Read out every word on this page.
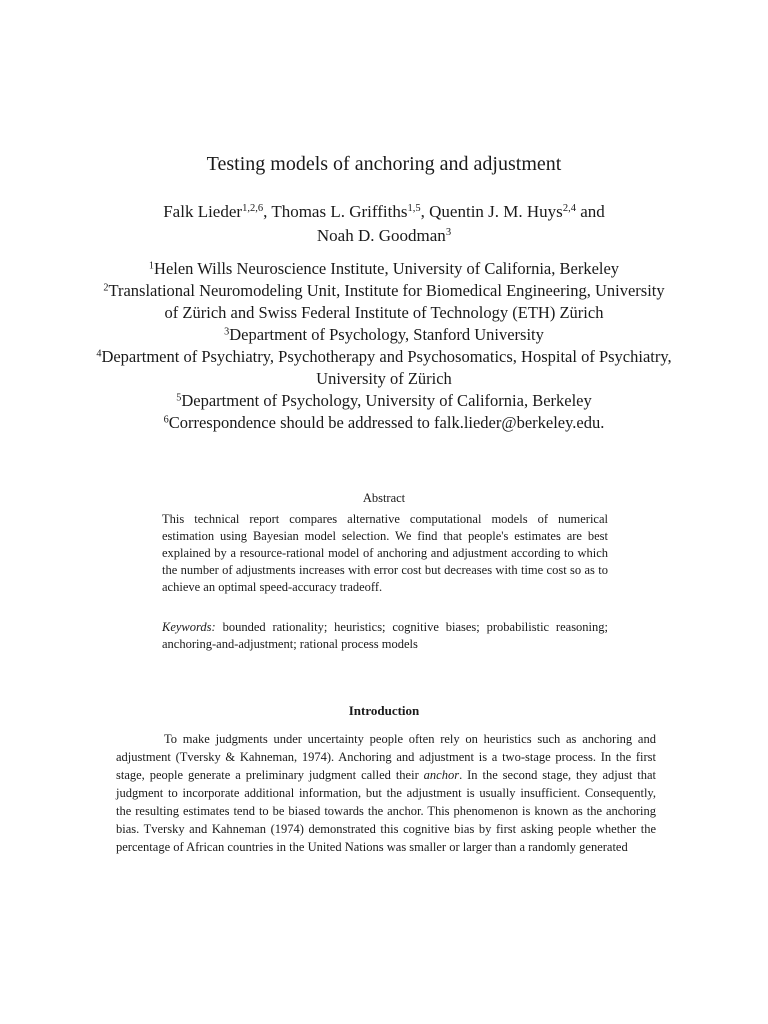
Testing models of anchoring and adjustment
Falk Lieder$^{1,2,6}$, Thomas L. Griffiths$^{1,5}$, Quentin J. M. Huys$^{2,4}$ and
Noah D. Goodman$^3$
$^1$Helen Wills Neuroscience Institute, University of California, Berkeley
$^2$Translational Neuromodeling Unit, Institute for Biomedical Engineering, University of Zürich and Swiss Federal Institute of Technology (ETH) Zürich
$^3$Department of Psychology, Stanford University
$^4$Department of Psychiatry, Psychotherapy and Psychosomatics, Hospital of Psychiatry, University of Zürich
$^5$Department of Psychology, University of California, Berkeley
$^6$Correspondence should be addressed to falk.lieder@berkeley.edu.
Abstract
This technical report compares alternative computational models of numerical estimation using Bayesian model selection. We find that people's estimates are best explained by a resource-rational model of anchoring and adjustment according to which the number of adjustments increases with error cost but decreases with time cost so as to achieve an optimal speed-accuracy tradeoff.
Keywords: bounded rationality; heuristics; cognitive biases; probabilistic reasoning; anchoring-and-adjustment; rational process models
Introduction
To make judgments under uncertainty people often rely on heuristics such as anchoring and adjustment (Tversky & Kahneman, 1974). Anchoring and adjustment is a two-stage process. In the first stage, people generate a preliminary judgment called their anchor. In the second stage, they adjust that judgment to incorporate additional information, but the adjustment is usually insufficient. Consequently, the resulting estimates tend to be biased towards the anchor. This phenomenon is known as the anchoring bias. Tversky and Kahneman (1974) demonstrated this cognitive bias by first asking people whether the percentage of African countries in the United Nations was smaller or larger than a randomly generated
